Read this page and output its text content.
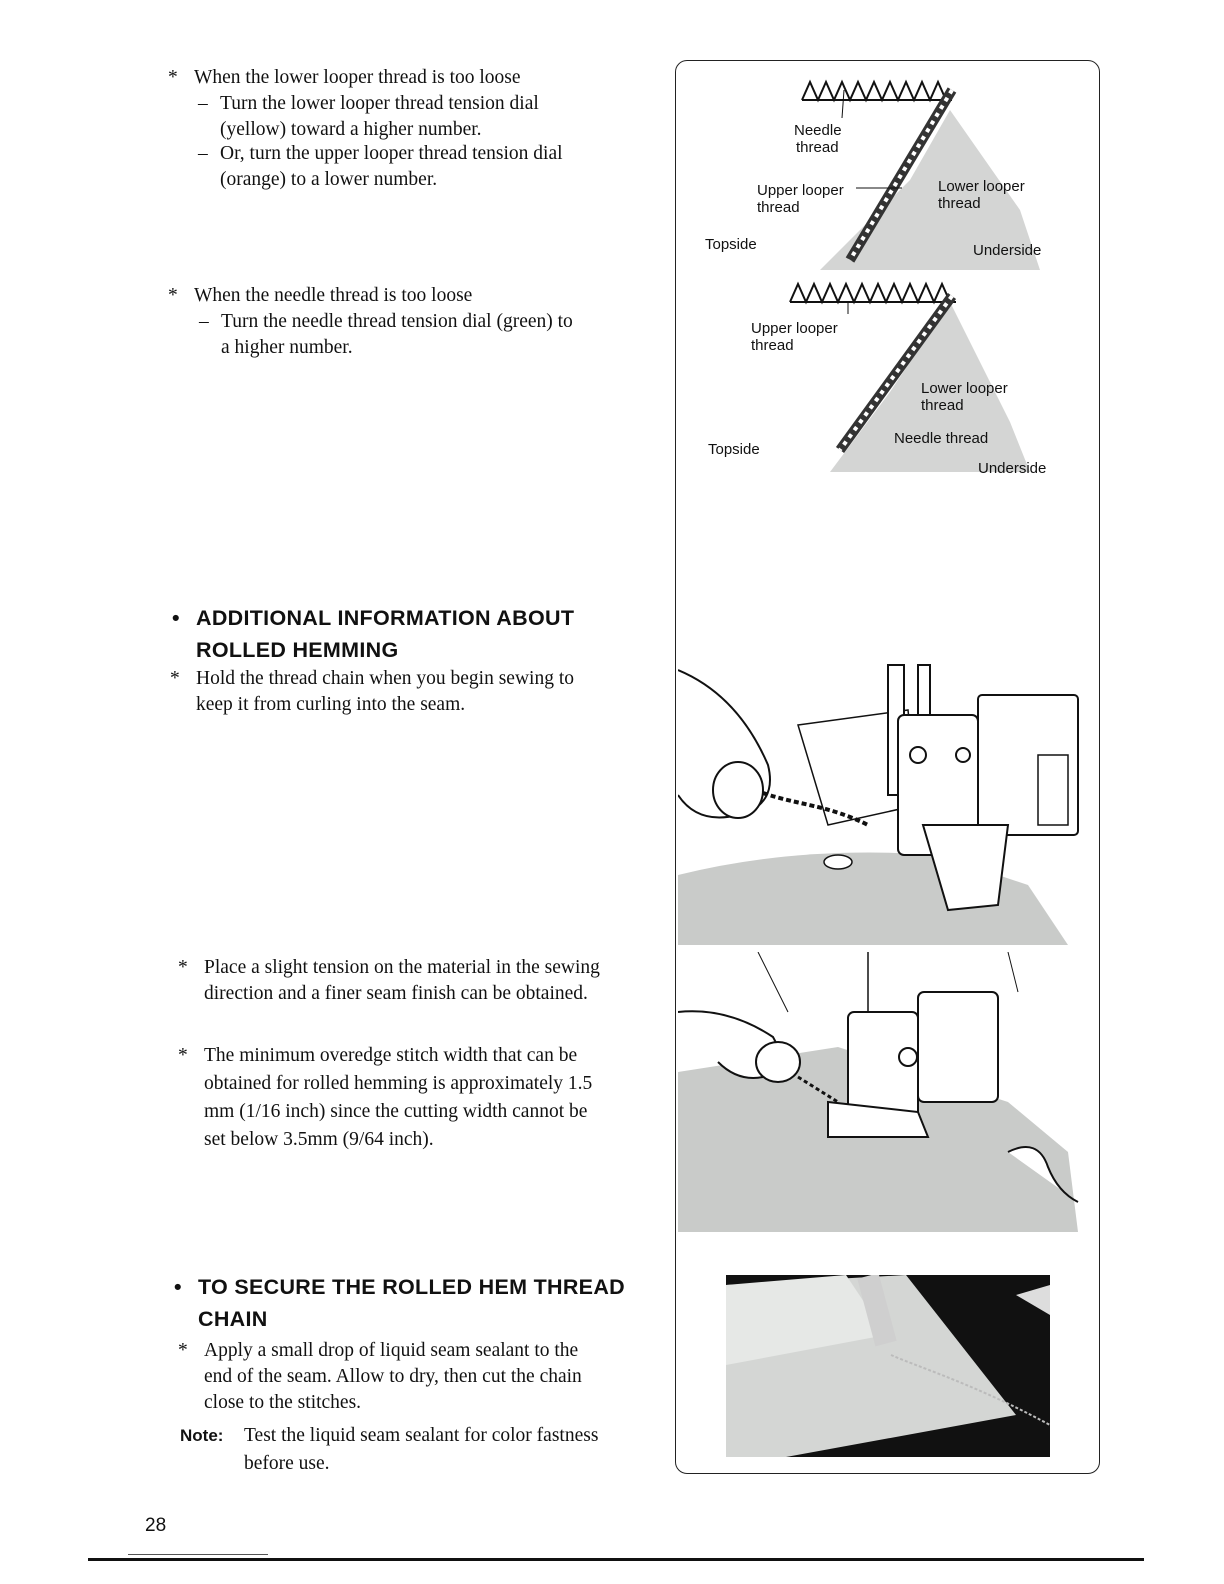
* When the lower looper thread is too loose
– Turn the lower looper thread tension dial
(yellow) toward a higher number.
– Or, turn the upper looper thread tension dial
(orange) to a lower number.
* When the needle thread is too loose
– Turn the needle thread tension dial (green) to
a higher number.
• ADDITIONAL INFORMATION ABOUT
ROLLED HEMMING
* Hold the thread chain when you begin sewing to
keep it from curling into the seam.
* Place a slight tension on the material in the sewing
direction and a finer seam finish can be obtained.
* The minimum overedge stitch width that can be
obtained for rolled hemming is approximately 1.5
mm (1/16 inch) since the cutting width cannot be
set below 3.5mm (9/64 inch).
• TO SECURE THE ROLLED HEM THREAD
CHAIN
* Apply a small drop of liquid seam sealant to the
end of the seam. Allow to dry, then cut the chain
close to the stitches.
Note:	Test the liquid seam sealant for color fastness
before use.
28
Needle
thread
Upper looper
thread
Lower looper
thread
Topside	Underside
Upper looper
thread
Lower looper
thread
Needle thread
Topside
Underside
